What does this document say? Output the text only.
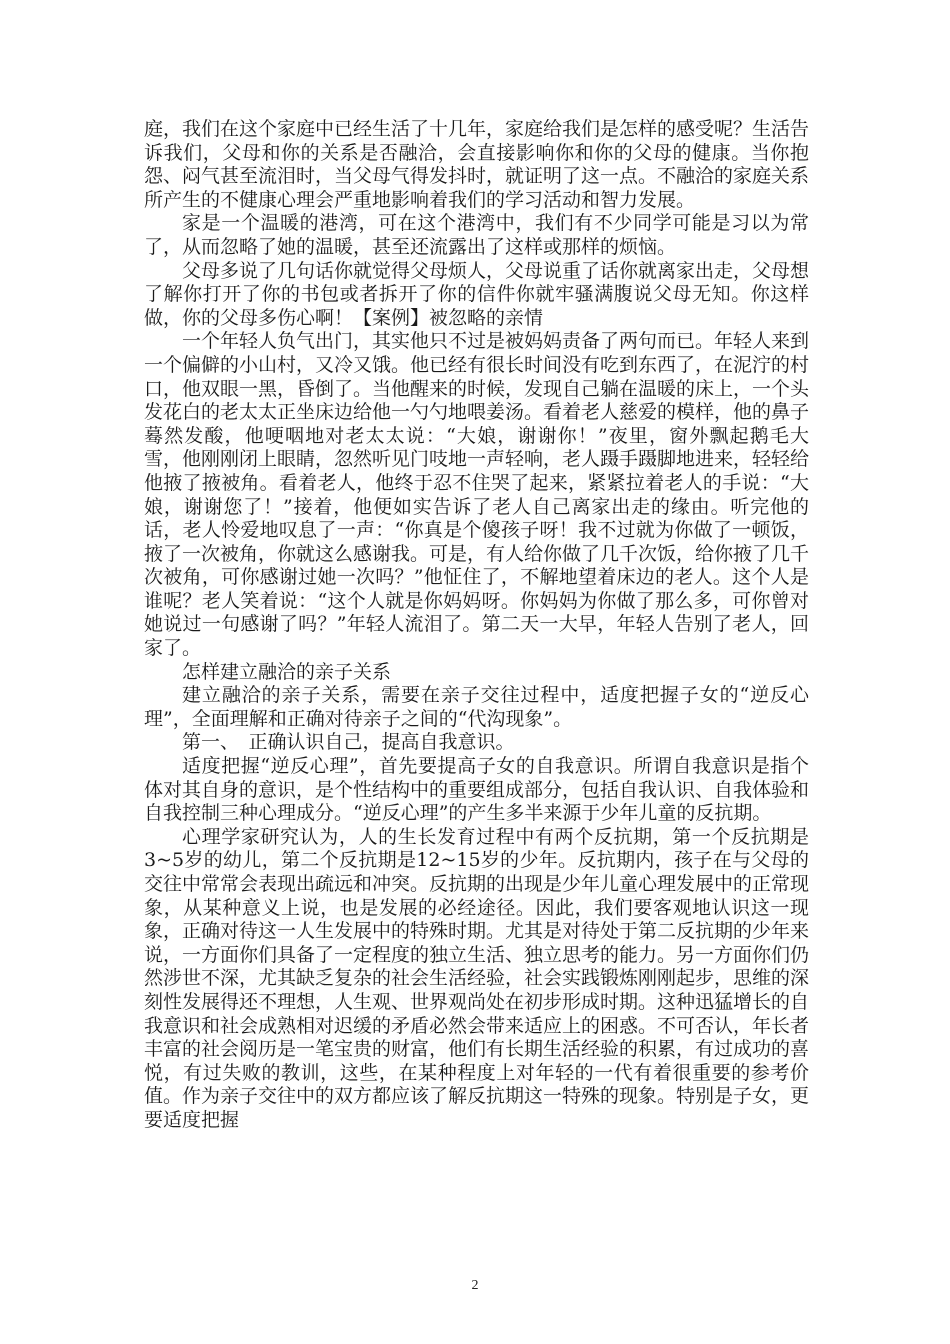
庭，我们在这个家庭中已经生活了十几年，家庭给我们是怎样的感受呢？生活告诉我们，父母和你的关系是否融洽，会直接影响你和你的父母的健康。当你抱怨、闷气甚至流泪时，当父母气得发抖时，就证明了这一点。不融洽的家庭关系所产生的不健康心理会严重地影响着我们的学习活动和智力发展。

家是一个温暖的港湾，可在这个港湾中，我们有不少同学可能是习以为常了，从而忽略了她的温暖，甚至还流露出了这样或那样的烦恼。

父母多说了几句话你就觉得父母烦人，父母说重了话你就离家出走，父母想了解你打开了你的书包或者拆开了你的信件你就牢骚满腹说父母无知。你这样做，你的父母多伤心啊！【案例】被忽略的亲情

一个年轻人负气出门，其实他只不过是被妈妈责备了两句而已。年轻人来到一个偏僻的小山村，又冷又饿。他已经有很长时间没有吃到东西了，在泥泞的村口，他双眼一黑，昏倒了。当他醒来的时候，发现自己躺在温暖的床上，一个头发花白的老太太正坐床边给他一勺勺地喂姜汤。看着老人慈爱的模样，他的鼻子蓦然发酸，他哽咽地对老太太说：“大娘，谢谢你！”夜里，窗外飘起鹅毛大雪，他刚刚闭上眼睛，忽然听见门吱地一声轻响，老人蹑手蹑脚地进来，轻轻给他掖了掖被角。看着老人，他终于忍不住哭了起来，紧紧拉着老人的手说：“大娘，谢谢您了！”接着，他便如实告诉了老人自己离家出走的缘由。听完他的话，老人怜爱地叹息了一声：“你真是个傻孩子呀！我不过就为你做了一顿饭，掖了一次被角，你就这么感谢我。可是，有人给你做了几千次饭，给你掖了几千次被角，可你感谢过她一次吗？”他怔住了，不解地望着床边的老人。这个人是谁呢？老人笑着说：“这个人就是你妈妈呀。你妈妈为你做了那么多，可你曾对她说过一句感谢了吗？”年轻人流泪了。第二天一大早，年轻人告别了老人，回家了。

怎样建立融洽的亲子关系

建立融洽的亲子关系，需要在亲子交往过程中，适度把握子女的“逆反心理”，全面理解和正确对待亲子之间的“代沟现象”。

第一、　正确认识自己，提高自我意识。

适度把握“逆反心理”，首先要提高子女的自我意识。所谓自我意识是指个体对其自身的意识，是个性结构中的重要组成部分，包括自我认识、自我体验和自我控制三种心理成分。“逆反心理”的产生多半来源于少年儿童的反抗期。

心理学家研究认为，人的生长发育过程中有两个反抗期，第一个反抗期是3~5岁的幼儿，第二个反抗期是12~15岁的少年。反抗期内，孩子在与父母的交往中常常会表现出疏远和冲突。反抗期的出现是少年儿童心理发展中的正常现象，从某种意义上说，也是发展的必经途径。因此，我们要客观地认识这一现象，正确对待这一人生发展中的特殊时期。尤其是对待处于第二反抗期的少年来说，一方面你们具备了一定程度的独立生活、独立思考的能力。另一方面你们仍然涉世不深，尤其缺乏复杂的社会生活经验，社会实践锻炼刚刚起步，思维的深刻性发展得还不理想，人生观、世界观尚处在初步形成时期。这种迅猛增长的自我意识和社会成熟相对迟缓的矛盾必然会带来适应上的困惑。不可否认，年长者丰富的社会阅历是一笔宝贵的财富，他们有长期生活经验的积累，有过成功的喜悦，有过失败的教训，这些，在某种程度上对年轻的一代有着很重要的参考价值。作为亲子交往中的双方都应该了解反抗期这一特殊的现象。特别是子女，更要适度把握

2
